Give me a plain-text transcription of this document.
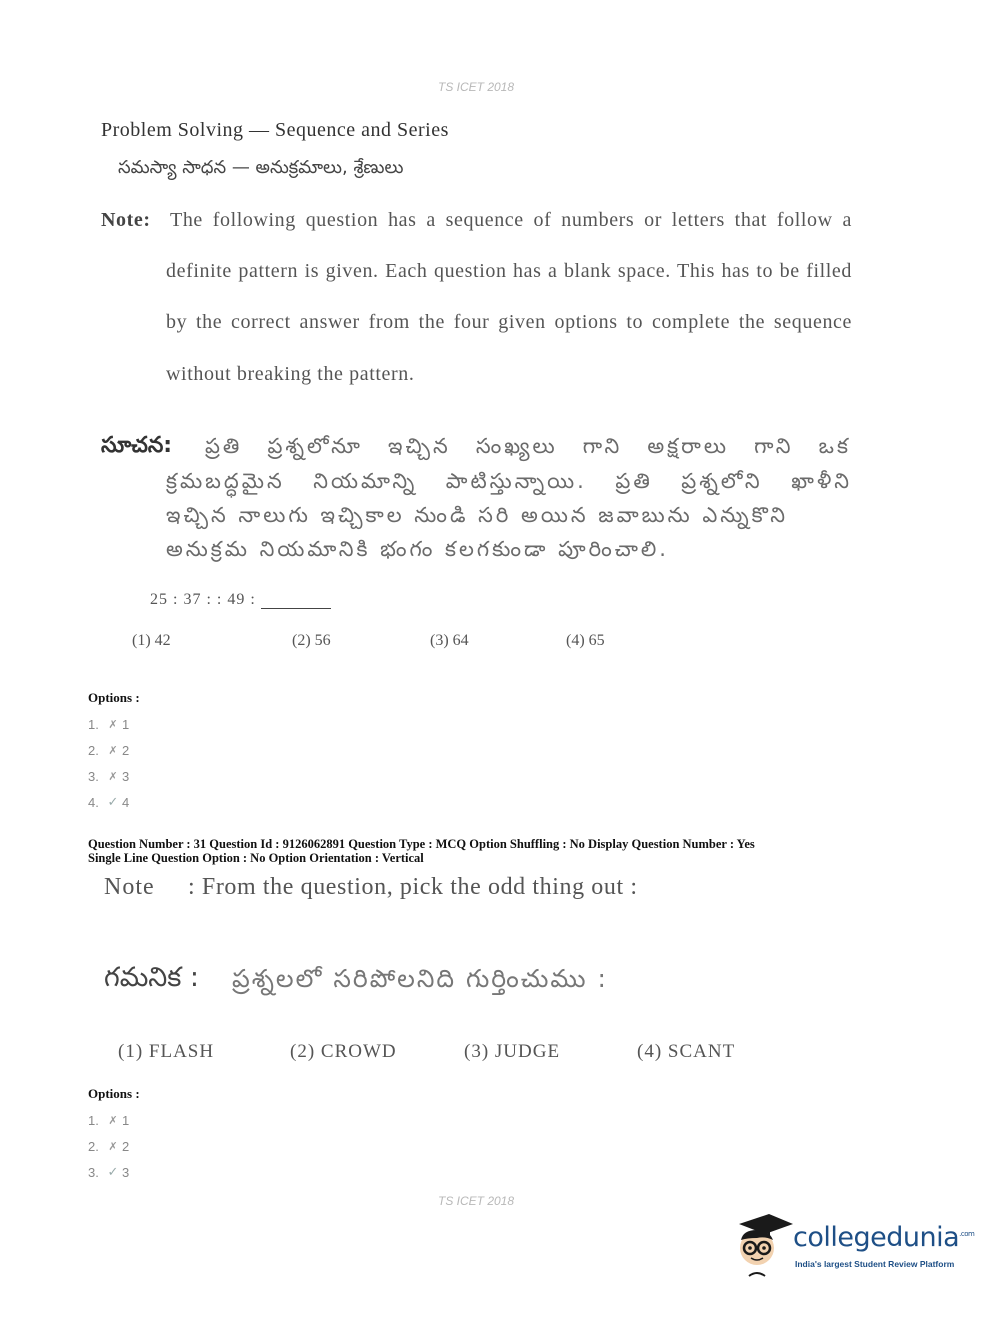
TS ICET 2018
Problem Solving — Sequence and Series
సమస్యా సాధన — అనుక్రమాలు, శ్రేణులు
Note: The following question has a sequence of numbers or letters that follow a
definite pattern is given. Each question has a blank space. This has to be filled
by the correct answer from the four given options to complete the sequence
without breaking the pattern.
సూచన: ప్రతి ప్రశ్నలోనూ ఇచ్చిన సంఖ్యలు గాని అక్షరాలు గాని ఒక
క్రమబద్ధమైన నియమాన్ని పాటిస్తున్నాయి. ప్రతి ప్రశ్నలోని ఖాళీని
ఇచ్చిన నాలుగు ఇచ్చికాల నుండి సరి అయిన జవాబును ఎన్నుకొని
అనుక్రమ నియమానికి భంగం కలగకుండా పూరించాలి.
25 : 37 : : 49 :
(1) 42	(2) 56	(3) 64	(4) 65
Options :
1. ✗ 1
2. ✗ 2
3. ✗ 3
4. ✓ 4
Question Number : 31 Question Id : 9126062891 Question Type : MCQ Option Shuffling : No Display Question Number : Yes
Single Line Question Option : No Option Orientation : Vertical
Note : From the question, pick the odd thing out :
గమనిక : ప్రశ్నలలో సరిపోలనిది గుర్తించుము :
(1) FLASH	(2) CROWD	(3) JUDGE	(4) SCANT
Options :
1. ✗ 1
2. ✗ 2
3. ✓ 3
TS ICET 2018
collegedunia$^{.com}$
India's largest Student Review Platform
